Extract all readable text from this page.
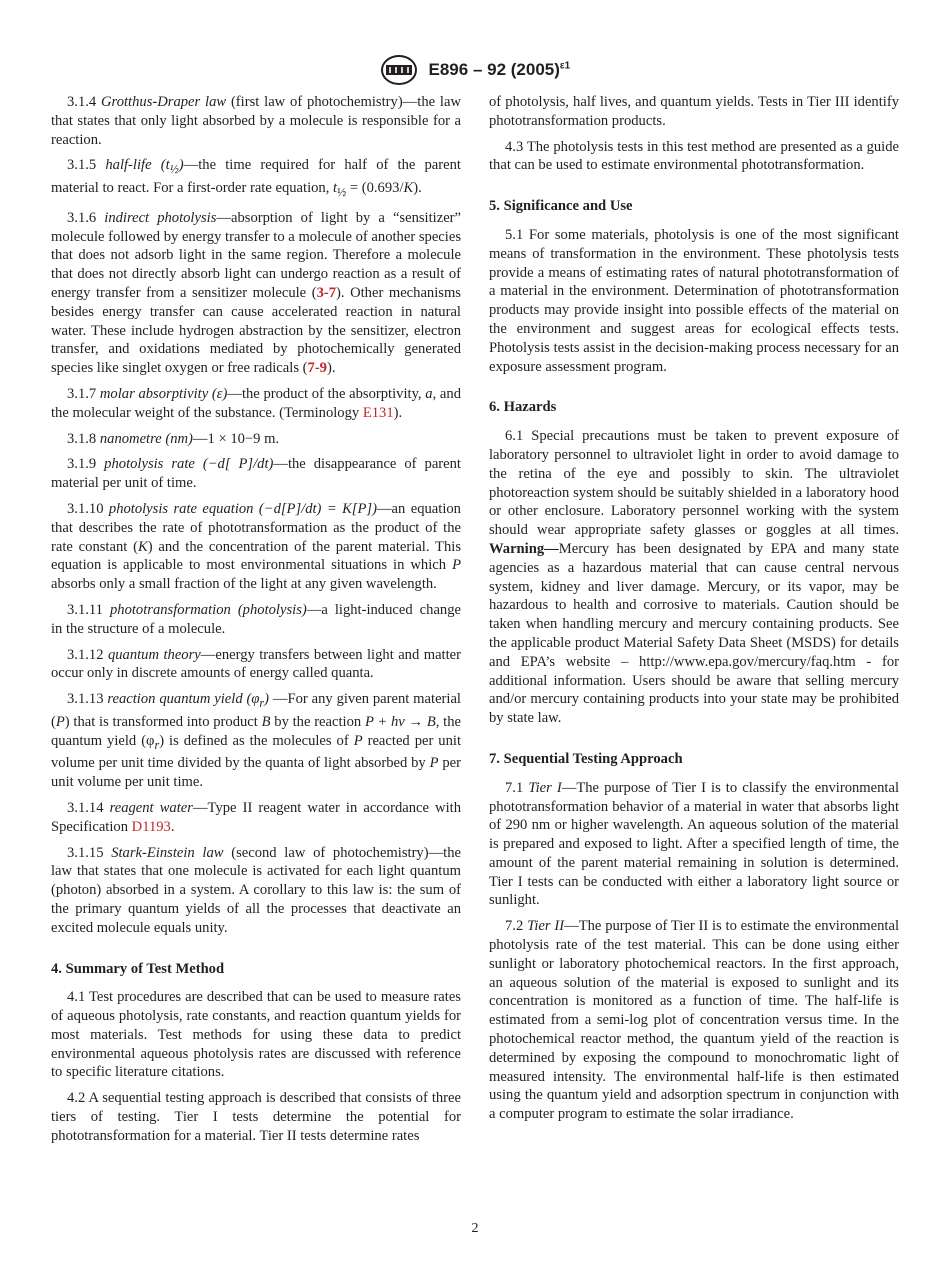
E896 – 92 $(2005)^{\varepsilon 1}$

3.1.4 Grotthus-Draper law (first law of photochemistry)—the law that states that only light absorbed by a molecule is responsible for a reaction.

3.1.5 half-life $(t_{\frac{1}{2}})—the$ time required for half of the parent material to react. For a first-order rate equation, $t_{\frac{1}{2}} = (0.693/K)$.

3.1.6 indirect photolysis—absorption of light by a “sensitizer” molecule followed by energy transfer to a molecule of another species that does not adsorb light in the same region. Therefore a molecule that does not directly absorb light can undergo reaction as a result of energy transfer from a sensitizer molecule (3-7). Other mechanisms besides energy transfer can cause accelerated reaction in natural water. These include hydrogen abstraction by the sensitizer, electron transfer, and oxidations mediated by photochemically generated species like singlet oxygen or free radicals (7-9).

3.1.7 molar absorptivity (ε)—the product of the absorptivity, a, and the molecular weight of the substance. (Terminology E131).

3.1.8 nanometre (nm)—1 × 10−9 m.

3.1.9 photolysis rate (−d[ P]/dt)—the disappearance of parent material per unit of time.

3.1.10 photolysis rate equation (−d[P]/dt) = K[P])—an equation that describes the rate of phototransformation as the product of the rate constant (K) and the concentration of the parent material. This equation is applicable to most environmental situations in which P absorbs only a small fraction of the light at any given wavelength.

3.1.11 phototransformation (photolysis)—a light-induced change in the structure of a molecule.

3.1.12 quantum theory—energy transfers between light and matter occur only in discrete amounts of energy called quanta.

3.1.13 reaction quantum yield $(\varphi_r)$ —For any given parent material (P) that is transformed into product B by the reaction P + hv → B, the quantum yield $(\varphi_r)$ is defined as the molecules of P reacted per unit volume per unit time divided by the quanta of light absorbed by P per unit volume per unit time.

3.1.14 reagent water—Type II reagent water in accordance with Specification D1193.

3.1.15 Stark-Einstein law (second law of photochemistry)—the law that states that one molecule is activated for each light quantum (photon) absorbed in a system. A corollary to this law is: the sum of the primary quantum yields of all the processes that deactivate an excited molecule equals unity.

4. Summary of Test Method

4.1 Test procedures are described that can be used to measure rates of aqueous photolysis, rate constants, and reaction quantum yields for most materials. Test methods for using these data to predict environmental aqueous photolysis rates are discussed with reference to specific literature citations.

4.2 A sequential testing approach is described that consists of three tiers of testing. Tier I tests determine the potential for phototransformation for a material. Tier II tests determine rates

of photolysis, half lives, and quantum yields. Tests in Tier III identify phototransformation products.

4.3 The photolysis tests in this test method are presented as a guide that can be used to estimate environmental phototransformation.

5. Significance and Use

5.1 For some materials, photolysis is one of the most significant means of transformation in the environment. These photolysis tests provide a means of estimating rates of natural phototransformation of a material in the environment. Determination of phototransformation products may provide insight into possible effects of the material on the environment and suggest areas for ecological effects tests. Photolysis tests assist in the decision-making process necessary for an exposure assessment program.

6. Hazards

6.1 Special precautions must be taken to prevent exposure of laboratory personnel to ultraviolet light in order to avoid damage to the retina of the eye and possibly to skin. The ultraviolet photoreaction system should be suitably shielded in a laboratory hood or other enclosure. Laboratory personnel working with the system should wear appropriate safety glasses or goggles at all times. Warning—Mercury has been designated by EPA and many state agencies as a hazardous material that can cause central nervous system, kidney and liver damage. Mercury, or its vapor, may be hazardous to health and corrosive to materials. Caution should be taken when handling mercury and mercury containing products. See the applicable product Material Safety Data Sheet (MSDS) for details and EPA’s website – http://www.epa.gov/mercury/faq.htm - for additional information. Users should be aware that selling mercury and/or mercury containing products into your state may be prohibited by state law.

7. Sequential Testing Approach

7.1 Tier I—The purpose of Tier I is to classify the environmental phototransformation behavior of a material in water that absorbs light of 290 nm or higher wavelength. An aqueous solution of the material is prepared and exposed to light. After a specified length of time, the amount of the parent material remaining in solution is determined. Tier I tests can be conducted with either a laboratory light source or sunlight.

7.2 Tier II—The purpose of Tier II is to estimate the environmental photolysis rate of the test material. This can be done using either sunlight or laboratory photochemical reactors. In the first approach, an aqueous solution of the material is exposed to sunlight and its concentration is monitored as a function of time. The half-life is estimated from a semi-log plot of concentration versus time. In the photochemical reactor method, the quantum yield of the reaction is determined by exposing the compound to monochromatic light of measured intensity. The environmental half-life is then estimated using the quantum yield and adsorption spectrum in conjunction with a computer program to estimate the solar irradiance.

2
